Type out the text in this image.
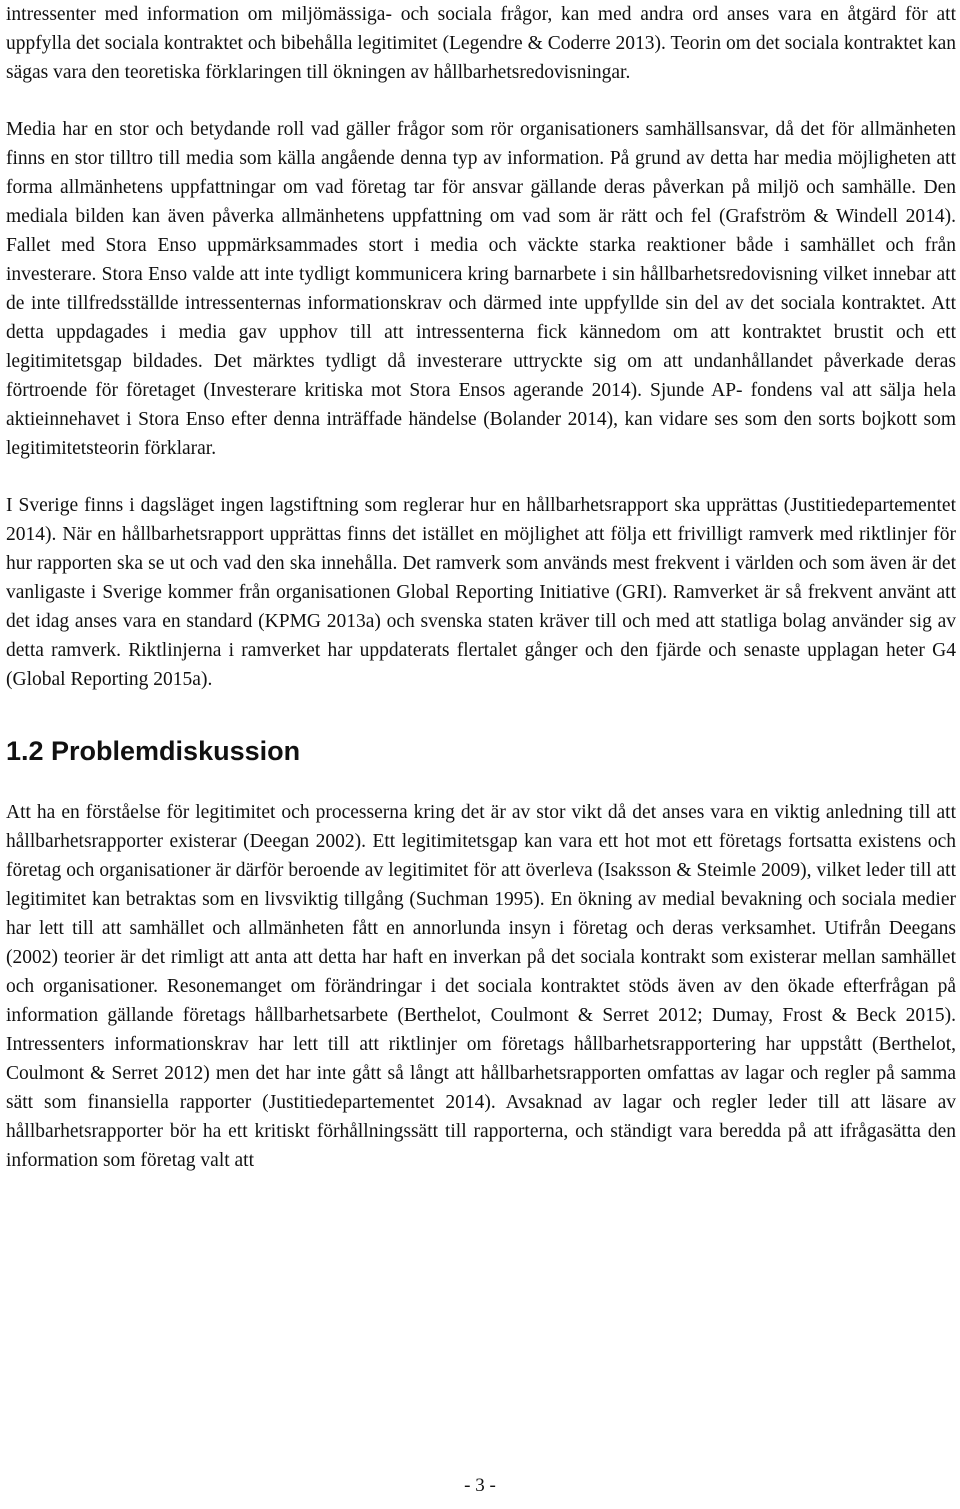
intressenter med information om miljömässiga- och sociala frågor, kan med andra ord anses vara en åtgärd för att uppfylla det sociala kontraktet och bibehålla legitimitet (Legendre & Coderre 2013). Teorin om det sociala kontraktet kan sägas vara den teoretiska förklaringen till ökningen av hållbarhetsredovisningar.

Media har en stor och betydande roll vad gäller frågor som rör organisationers samhällsansvar, då det för allmänheten finns en stor tilltro till media som källa angående denna typ av information. På grund av detta har media möjligheten att forma allmänhetens uppfattningar om vad företag tar för ansvar gällande deras påverkan på miljö och samhälle. Den mediala bilden kan även påverka allmänhetens uppfattning om vad som är rätt och fel (Grafström & Windell 2014). Fallet med Stora Enso uppmärksammades stort i media och väckte starka reaktioner både i samhället och från investerare. Stora Enso valde att inte tydligt kommunicera kring barnarbete i sin hållbarhetsredovisning vilket innebar att de inte tillfredsställde intressenternas informationskrav och därmed inte uppfyllde sin del av det sociala kontraktet. Att detta uppdagades i media gav upphov till att intressenterna fick kännedom om att kontraktet brustit och ett legitimitetsgap bildades. Det märktes tydligt då investerare uttryckte sig om att undanhållandet påverkade deras förtroende för företaget (Investerare kritiska mot Stora Ensos agerande 2014). Sjunde AP- fondens val att sälja hela aktieinnehavet i Stora Enso efter denna inträffade händelse (Bolander 2014), kan vidare ses som den sorts bojkott som legitimitetsteorin förklarar.

I Sverige finns i dagsläget ingen lagstiftning som reglerar hur en hållbarhetsrapport ska upprättas (Justitiedepartementet 2014). När en hållbarhetsrapport upprättas finns det istället en möjlighet att följa ett frivilligt ramverk med riktlinjer för hur rapporten ska se ut och vad den ska innehålla. Det ramverk som används mest frekvent i världen och som även är det vanligaste i Sverige kommer från organisationen Global Reporting Initiative (GRI). Ramverket är så frekvent använt att det idag anses vara en standard (KPMG 2013a) och svenska staten kräver till och med att statliga bolag använder sig av detta ramverk. Riktlinjerna i ramverket har uppdaterats flertalet gånger och den fjärde och senaste upplagan heter G4 (Global Reporting 2015a).

1.2 Problemdiskussion

Att ha en förståelse för legitimitet och processerna kring det är av stor vikt då det anses vara en viktig anledning till att hållbarhetsrapporter existerar (Deegan 2002). Ett legitimitetsgap kan vara ett hot mot ett företags fortsatta existens och företag och organisationer är därför beroende av legitimitet för att överleva (Isaksson & Steimle 2009), vilket leder till att legitimitet kan betraktas som en livsviktig tillgång (Suchman 1995). En ökning av medial bevakning och sociala medier har lett till att samhället och allmänheten fått en annorlunda insyn i företag och deras verksamhet. Utifrån Deegans (2002) teorier är det rimligt att anta att detta har haft en inverkan på det sociala kontrakt som existerar mellan samhället och organisationer. Resonemanget om förändringar i det sociala kontraktet stöds även av den ökade efterfrågan på information gällande företags hållbarhetsarbete (Berthelot, Coulmont & Serret 2012; Dumay, Frost & Beck 2015). Intressenters informationskrav har lett till att riktlinjer om företags hållbarhetsrapportering har uppstått (Berthelot, Coulmont & Serret 2012) men det har inte gått så långt att hållbarhetsrapporten omfattas av lagar och regler på samma sätt som finansiella rapporter (Justitiedepartementet 2014). Avsaknad av lagar och regler leder till att läsare av hållbarhetsrapporter bör ha ett kritiskt förhållningssätt till rapporterna, och ständigt vara beredda på att ifrågasätta den information som företag valt att

- 3 -
